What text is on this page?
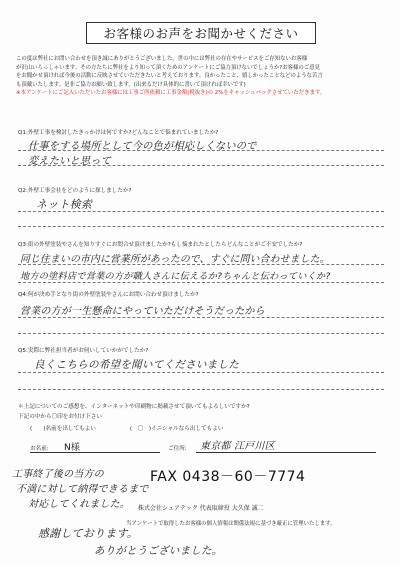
お客様のお声をお聞かせください
この度は弊社にお問い合わせを頂き誠にありがとうございました。世の中には弊社の存在やサービスをご存知ないお客様
が沢山いらっしゃいます。その方たちに弊社をより知って頂くためのアンケートにご協力頂けないでしょうか?お客様のご意見
をお聞かせ頂ければ今後の活動に反映させていただきたいと考えております。良かったこと、嬉しかったことなどのような苦言
も頂戴いたします。是非ご協力お願い致します。(出来るだけ具体的に書いて頂ければ幸いです)
※本アンケートにご記入いただいたお客様には工事ご所依頼に工事金額(税抜き)の 2%をキャッシュバックさせていただきます。
Q1:外壁工事を検討したきっかけは何ですか?どんなことで悩まれていましたか?
仕事をする場所として今の色が相応しくないので
変えたいと思って
Q2:外壁工事会社をどのように探しましたか?
ネット検索
Q3:街の外壁塗装やさんを知りすぐにお問合せ頂けましたか?もし悩まれたとしたらどんなことがご不安でしたか?
同じ住まいの市内に営業所があったので、すぐに問い合わせました。
地方の塗料店で営業の方が職人さんに伝えるか?ちゃんと伝わっていくか?
Q4:何が決め手となり街の外壁塗装やさんにお問い合わせ頂けましたか?
営業の方が一生懸命にやっていただけそうだったから
Q5:実際に弊社担当者がお伺いしていかがでしたか?
良くこちらの希望を聞いてくださいました
＊上記についてのご感想を、インターネットや印刷物に掲載させて頂いてもよろしいですか?
下記の中から〇印をお付け下さい
(　　)名前を出してもよい	(　〇　)イニシャルなら出してもよい
お名前: N様	ご住所: 東京都 江戸川区
FAX 0438－60－7774
株式会社シュアテック 代表取締役 大久保 誠二
当アンケートで取得したお客様の個人情報は関係法規に基づき厳正に管理いたします。
工事終了後の当方の
不満に対して納得できるまで
対応してくれました。
感謝しております。
ありがとうございました。
